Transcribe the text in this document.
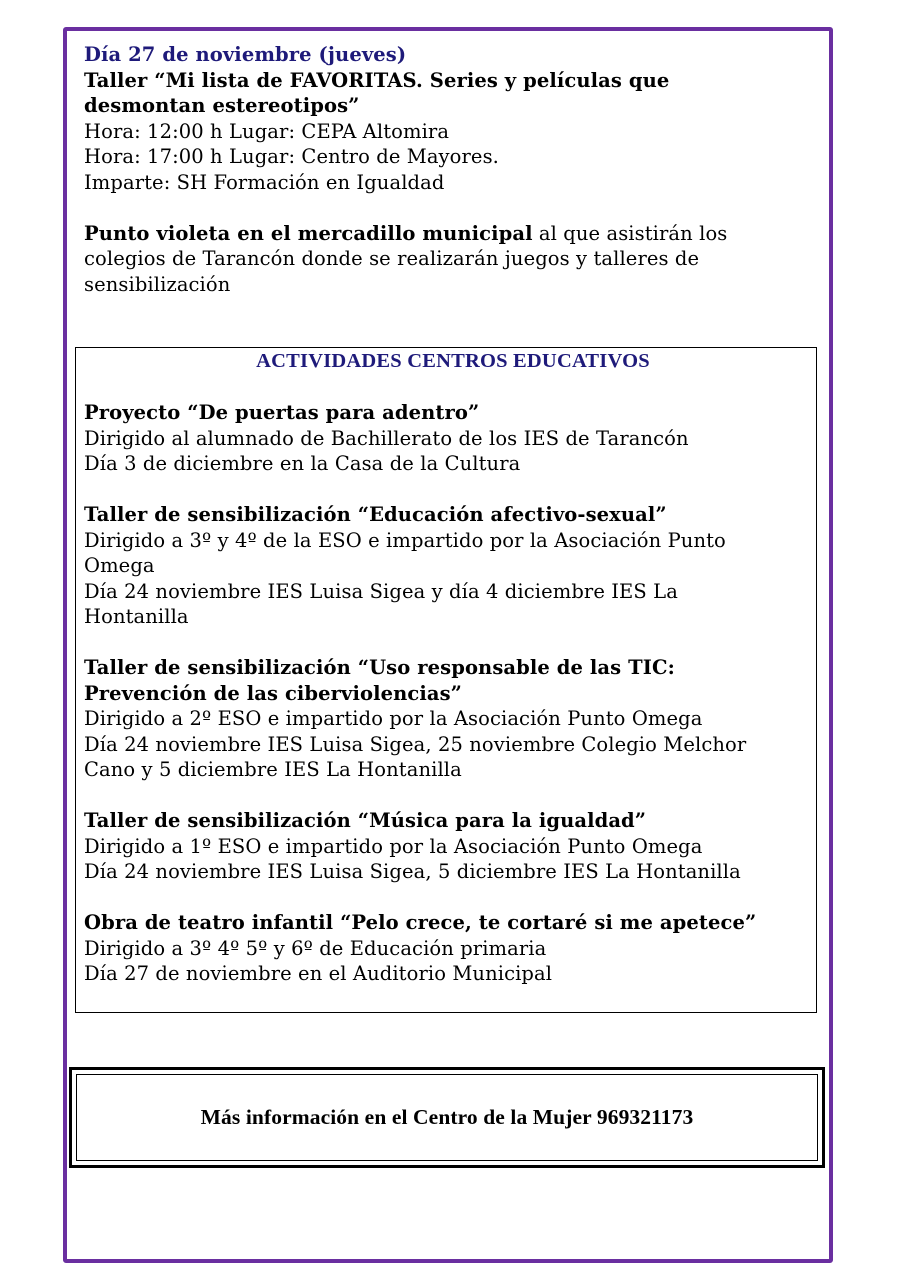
Día 27 de noviembre (jueves)

Taller “Mi lista de FAVORITAS. Series y películas que

desmontan estereotipos”

Hora: 12:00 h Lugar: CEPA Altomira

Hora: 17:00 h Lugar: Centro de Mayores.

Imparte: SH Formación en Igualdad

Punto violeta en el mercadillo municipal al que asistirán los

colegios de Tarancón donde se realizarán juegos y talleres de

sensibilización

ACTIVIDADES CENTROS EDUCATIVOS

Proyecto “De puertas para adentro”

Dirigido al alumnado de Bachillerato de los IES de Tarancón

Día 3 de diciembre en la Casa de la Cultura

Taller de sensibilización “Educación afectivo-sexual”

Dirigido a 3º y 4º de la ESO e impartido por la Asociación Punto

Omega

Día 24 noviembre IES Luisa Sigea y día 4 diciembre IES La

Hontanilla

Taller de sensibilización “Uso responsable de las TIC:

Prevención de las ciberviolencias”

Dirigido a 2º ESO e impartido por la Asociación Punto Omega

Día 24 noviembre IES Luisa Sigea, 25 noviembre Colegio Melchor

Cano y 5 diciembre IES La Hontanilla

Taller de sensibilización “Música para la igualdad”

Dirigido a 1º ESO e impartido por la Asociación Punto Omega

Día 24 noviembre IES Luisa Sigea, 5 diciembre IES La Hontanilla

Obra de teatro infantil “Pelo crece, te cortaré si me apetece”

Dirigido a 3º 4º 5º y 6º de Educación primaria

Día 27 de noviembre en el Auditorio Municipal

Más información en el Centro de la Mujer 969321173
